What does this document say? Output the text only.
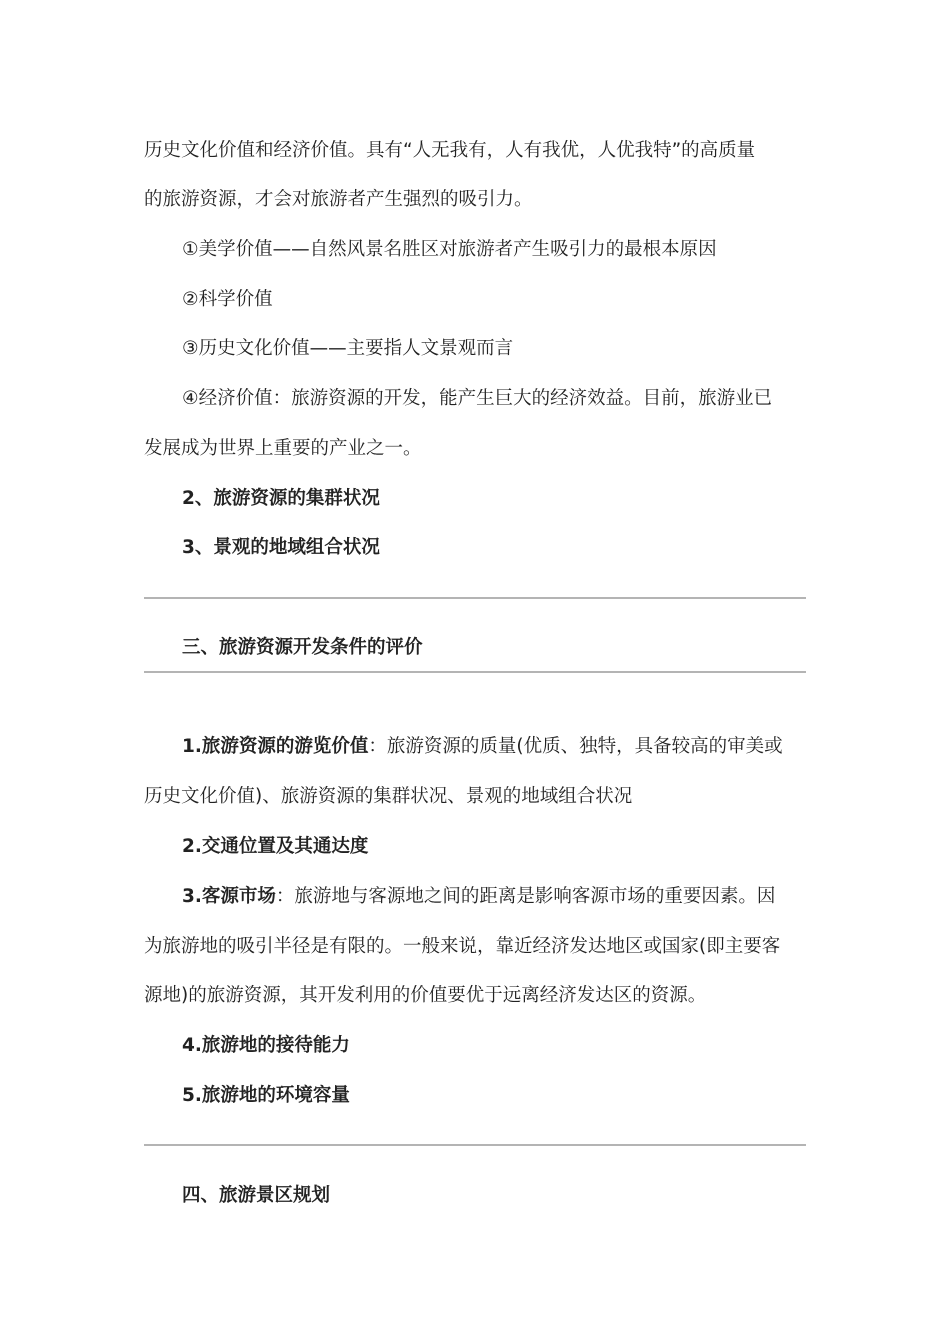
历史文化价值和经济价值。具有“人无我有，人有我优，人优我特”的高质量
的旅游资源，才会对旅游者产生强烈的吸引力。
①美学价值——自然风景名胜区对旅游者产生吸引力的最根本原因
②科学价值
③历史文化价值——主要指人文景观而言
④经济价值：旅游资源的开发，能产生巨大的经济效益。目前，旅游业已
发展成为世界上重要的产业之一。
2、旅游资源的集群状况
3、景观的地域组合状况
三、旅游资源开发条件的评价
1.旅游资源的游览价值：旅游资源的质量(优质、独特，具备较高的审美或
历史文化价值)、旅游资源的集群状况、景观的地域组合状况
2.交通位置及其通达度
3.客源市场：旅游地与客源地之间的距离是影响客源市场的重要因素。因
为旅游地的吸引半径是有限的。一般来说，靠近经济发达地区或国家(即主要客
源地)的旅游资源，其开发利用的价值要优于远离经济发达区的资源。
4.旅游地的接待能力
5.旅游地的环境容量
四、旅游景区规划
